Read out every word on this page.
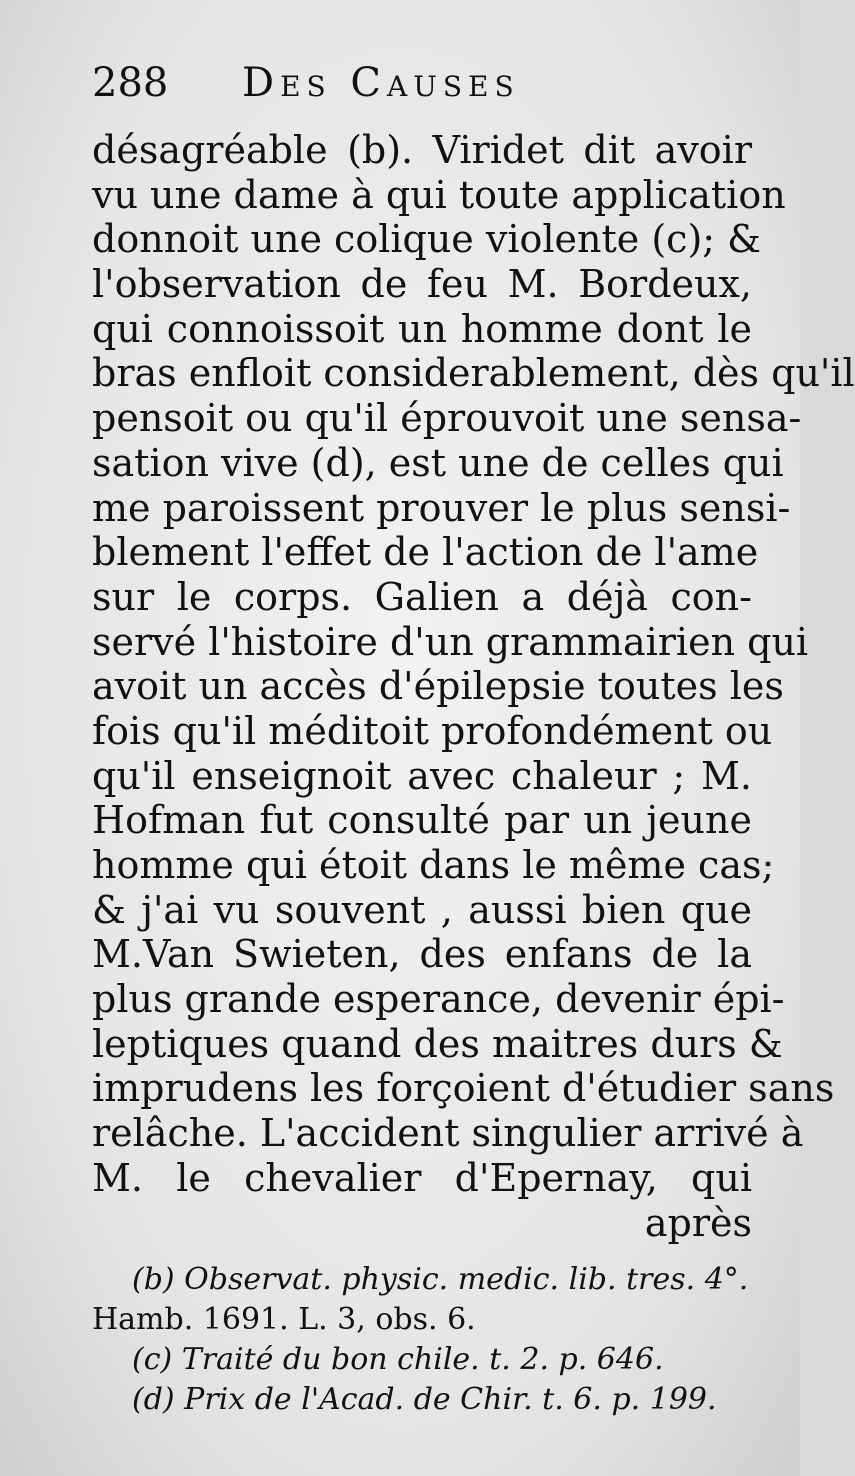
288 Des Causes
désagréable (b). Viridet dit avoir
vu une dame à qui toute application
donnoit une colique violente (c); &
l'observation de feu M. Bordeux,
qui connoissoit un homme dont le
bras enfloit considerablement, dès qu'il
pensoit ou qu'il éprouvoit une sensa-
sation vive (d), est une de celles qui
me paroissent prouver le plus sensi-
blement l'effet de l'action de l'ame
sur le corps. Galien a déjà con-
servé l'histoire d'un grammairien qui
avoit un accès d'épilepsie toutes les
fois qu'il méditoit profondément ou
qu'il enseignoit avec chaleur ; M.
Hofman fut consulté par un jeune
homme qui étoit dans le même cas;
& j'ai vu souvent , aussi bien que
M.Van Swieten, des enfans de la
plus grande esperance, devenir épi-
leptiques quand des maitres durs &
imprudens les forçoient d'étudier sans
relâche. L'accident singulier arrivé à
M. le chevalier d'Epernay, qui
après
(b) Observat. physic. medic. lib. tres. 4°.
Hamb. 1691. L. 3, obs. 6.
(c) Traité du bon chile. t. 2. p. 646.
(d) Prix de l'Acad. de Chir. t. 6. p. 199.
